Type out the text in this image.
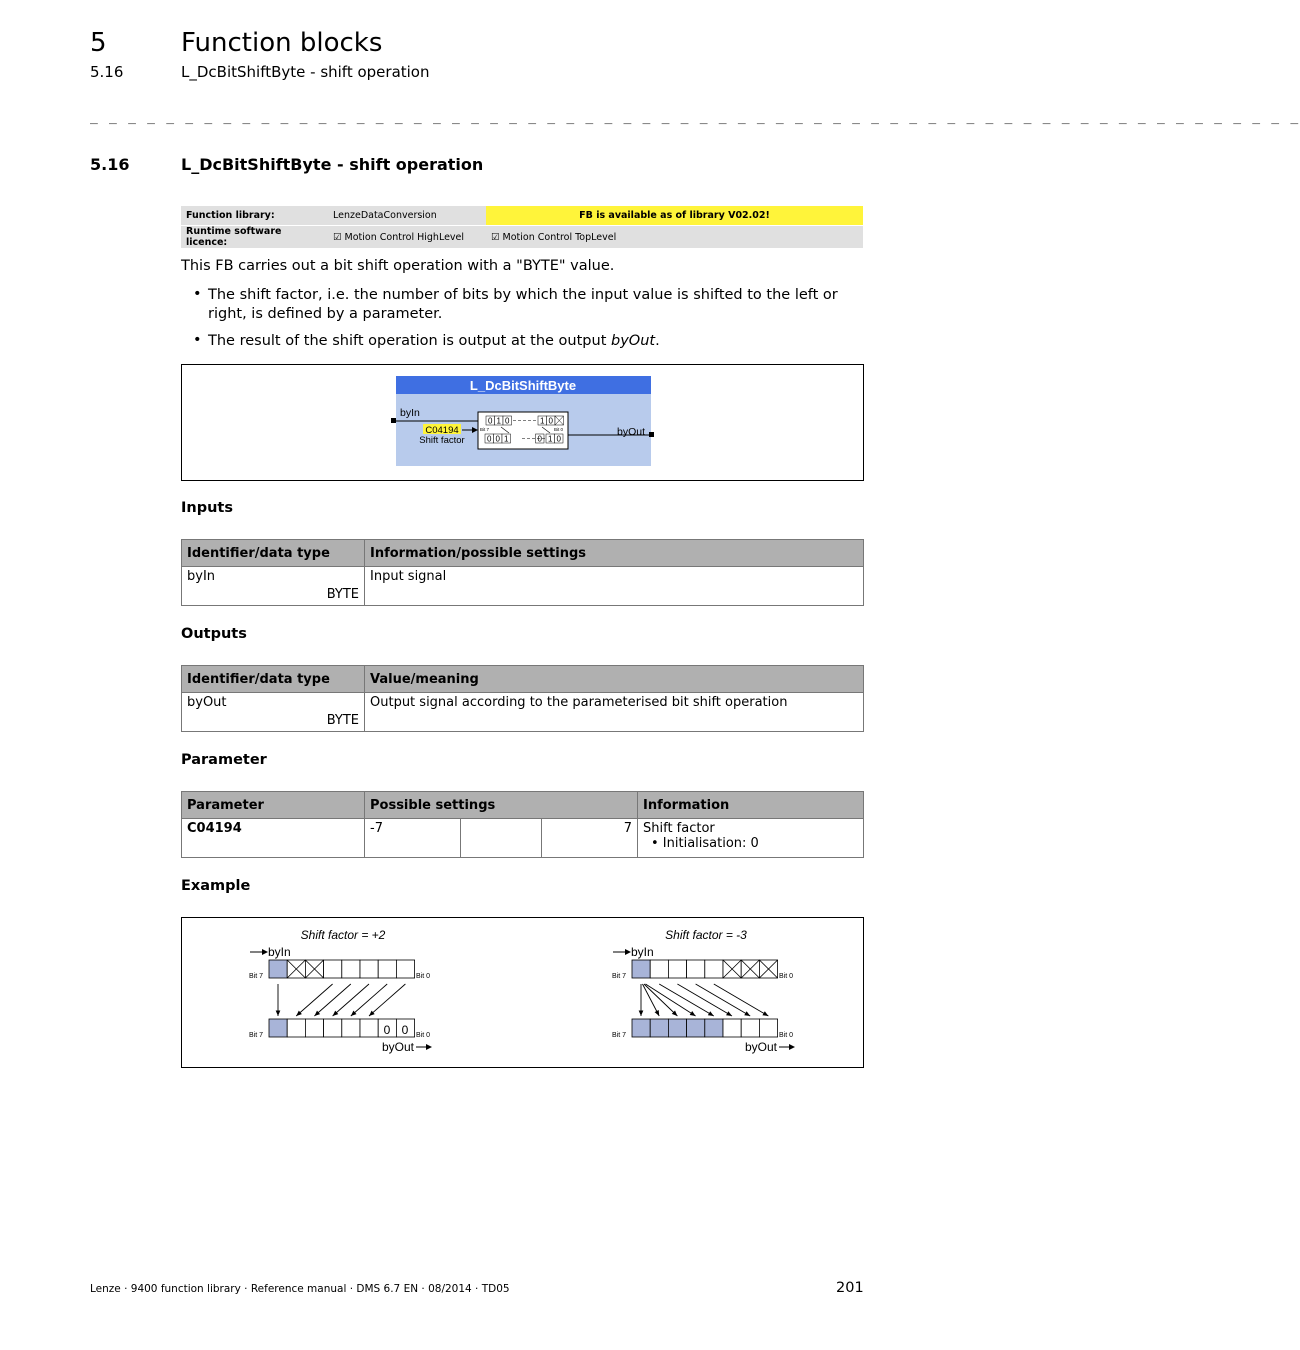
5	Function blocks
5.16	L_DcBitShiftByte - shift operation
_ _ _ _ _ _ _ _ _ _ _ _ _ _ _ _ _ _ _ _ _ _ _ _ _ _ _ _ _ _ _ _ _ _ _ _ _ _ _ _ _ _ _ _ _ _ _ _ _ _ _ _ _ _ _ _ _ _ _ _ _ _ _ _
5.16	L_DcBitShiftByte - shift operation
Function library:	LenzeDataConversion	FB is available as of library V02.02!
Runtime software licence:	☑ Motion Control HighLevel	☑ Motion Control TopLevel
This FB carries out a bit shift operation with a "BYTE" value.
• The shift factor, i.e. the number of bits by which the input value is shifted to the left or right, is defined by a parameter.
• The result of the shift operation is output at the output byOut.
L_DcBitShiftByte
byIn
C04194
Shift factor
0 1 0	1 0
0 0 1	0 1 0
Bit 7	Bit 0	byOut
Inputs
Identifier/data type	Information/possible settings

byIn
BYTE	Input signal
Outputs
Identifier/data type	Value/meaning

byOut
BYTE	Output signal according to the parameterised bit shift operation
Parameter
Parameter	Possible settings			Information
C04194	-7		7	Shift factor
• Initialisation: 0
Example
Shift factor = +2
byIn
Bit 7	Bit 0
Bit 7	Bit 0
0 0
byOut
Shift factor = -3
byIn
Bit 7	Bit 0
Bit 7	Bit 0
byOut
Lenze · 9400 function library · Reference manual · DMS 6.7 EN · 08/2014 · TD05	201
